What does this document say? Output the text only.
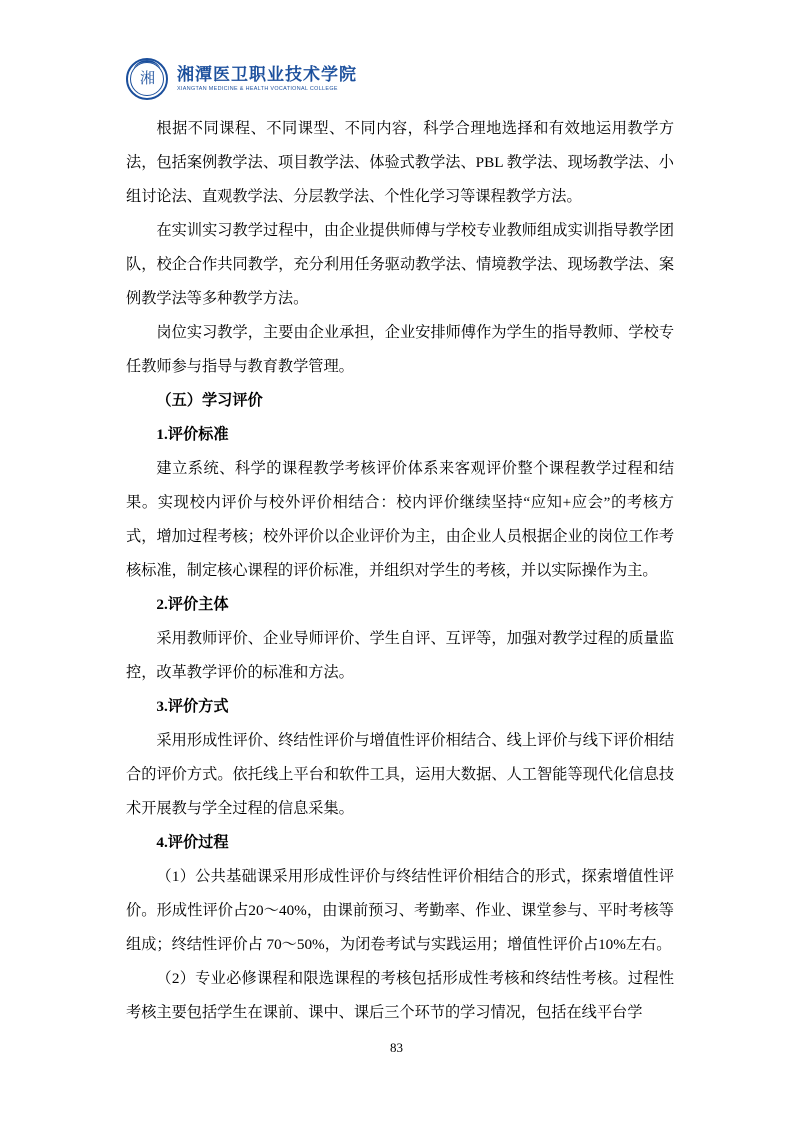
湘 湘潭医卫职业技术学院
XIANGTAN MEDICINE & HEALTH VOCATIONAL COLLEGE

根据不同课程、不同课型、不同内容，科学合理地选择和有效地运用教学方法，包括案例教学法、项目教学法、体验式教学法、PBL 教学法、现场教学法、小组讨论法、直观教学法、分层教学法、个性化学习等课程教学方法。

在实训实习教学过程中，由企业提供师傅与学校专业教师组成实训指导教学团队，校企合作共同教学，充分利用任务驱动教学法、情境教学法、现场教学法、案例教学法等多种教学方法。

岗位实习教学，主要由企业承担，企业安排师傅作为学生的指导教师、学校专任教师参与指导与教育教学管理。

（五）学习评价

1.评价标准

建立系统、科学的课程教学考核评价体系来客观评价整个课程教学过程和结果。实现校内评价与校外评价相结合：校内评价继续坚持“应知+应会”的考核方式，增加过程考核；校外评价以企业评价为主，由企业人员根据企业的岗位工作考核标准，制定核心课程的评价标准，并组织对学生的考核，并以实际操作为主。

2.评价主体

采用教师评价、企业导师评价、学生自评、互评等，加强对教学过程的质量监控，改革教学评价的标准和方法。

3.评价方式

采用形成性评价、终结性评价与增值性评价相结合、线上评价与线下评价相结合的评价方式。依托线上平台和软件工具，运用大数据、人工智能等现代化信息技术开展教与学全过程的信息采集。

4.评价过程

（1）公共基础课采用形成性评价与终结性评价相结合的形式，探索增值性评价。形成性评价占20～40%，由课前预习、考勤率、作业、课堂参与、平时考核等组成；终结性评价占 70～50%，为闭卷考试与实践运用；增值性评价占10%左右。

（2）专业必修课程和限选课程的考核包括形成性考核和终结性考核。过程性考核主要包括学生在课前、课中、课后三个环节的学习情况，包括在线平台学

83
